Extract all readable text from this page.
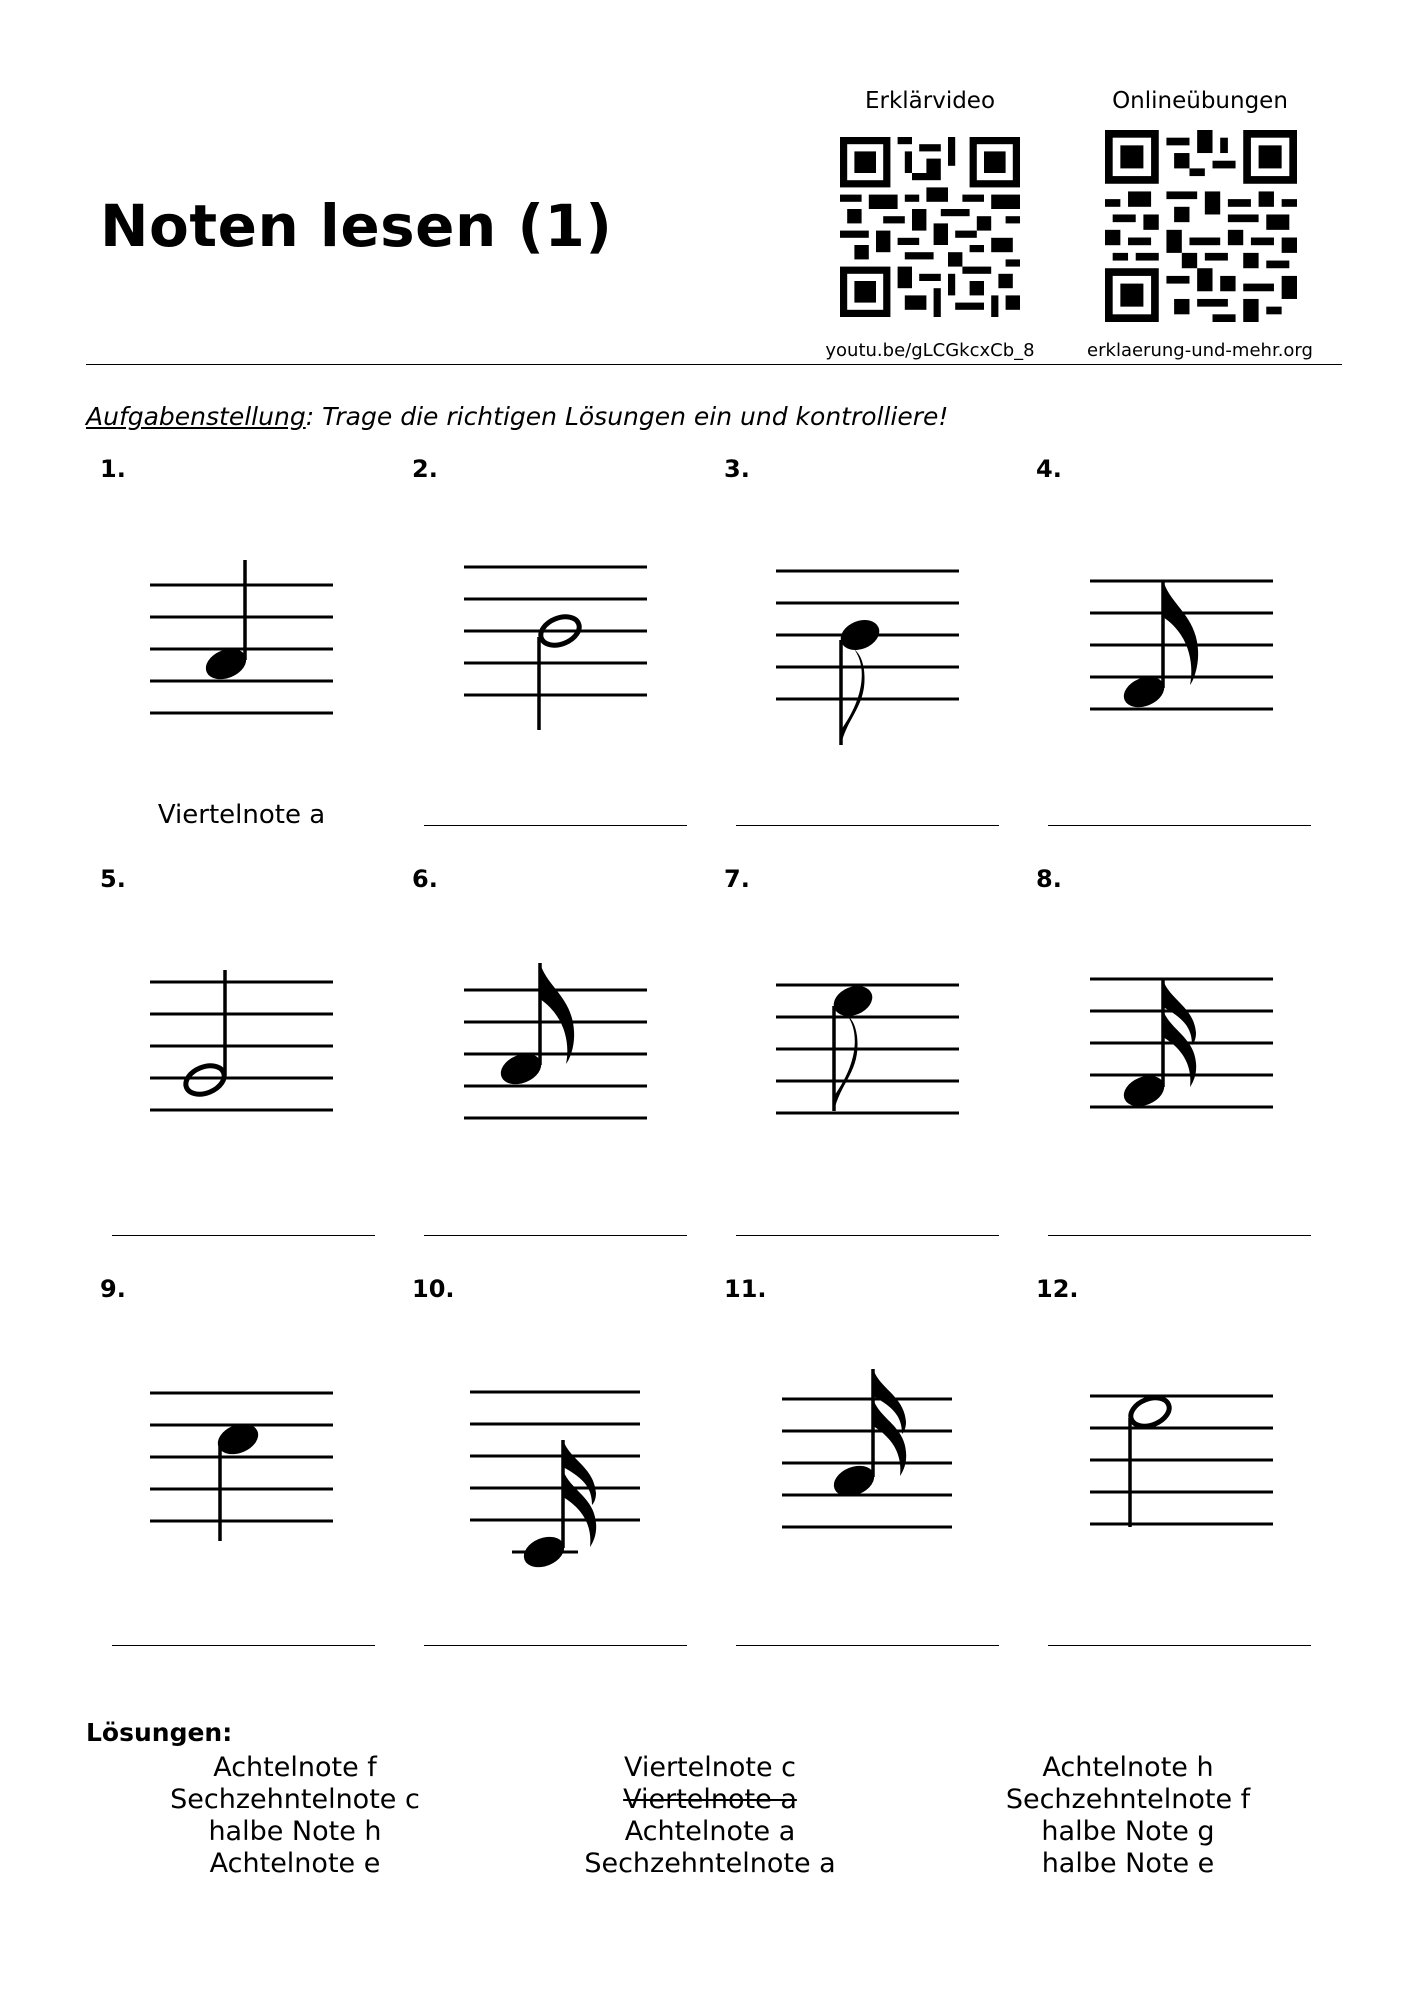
Noten lesen (1)
Erklärvideo
youtu.be/gLCGkcxCb_8
Onlineübungen
erklaerung-und-mehr.org
Aufgabenstellung: Trage die richtigen Lösungen ein und kontrolliere!
1.
Viertelnote a
2.	3.	4.
5.	6.	7.	8.
9.	10.	11.	12.
Lösungen:
Achtelnote f
Sechzehntelnote c
halbe Note h
Achtelnote e
Viertelnote c
Viertelnote a
Achtelnote a
Sechzehntelnote a
Achtelnote h
Sechzehntelnote f
halbe Note g
halbe Note e
